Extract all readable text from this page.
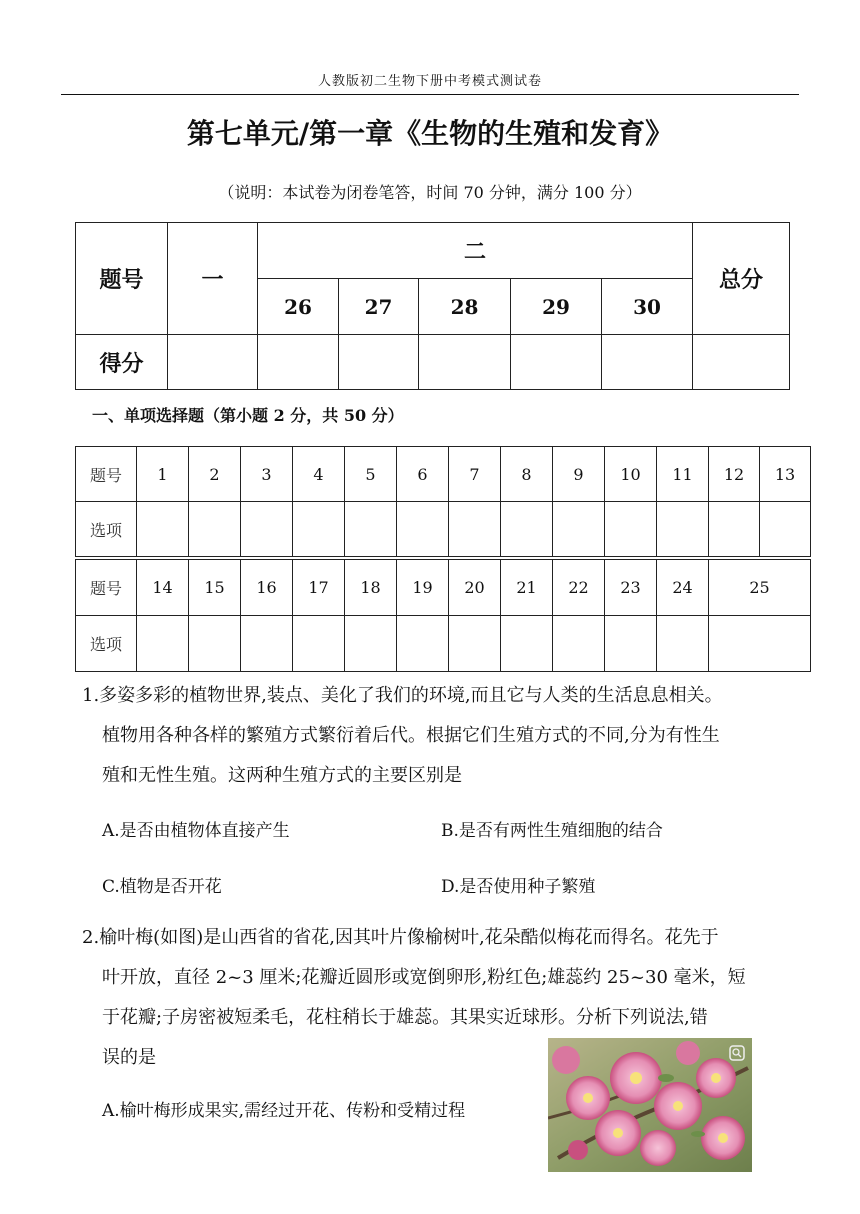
人教版初二生物下册中考模式测试卷
第七单元/第一章《生物的生殖和发育》
（说明：本试卷为闭卷笔答，时间 70 分钟，满分 100 分）
题号	一	二					总分
		26	27	28	29	30	
得分							
一、单项选择题（第小题 2 分，共 50 分）
题号	1	2	3	4	5	6	7	8	9	10	11	12	13
选项													
题号	14	15	16	17	18	19	20	21	22	23	24	25
选项												
1.多姿多彩的植物世界,装点、美化了我们的环境,而且它与人类的生活息息相关。
植物用各种各样的繁殖方式繁衍着后代。根据它们生殖方式的不同,分为有性生
殖和无性生殖。这两种生殖方式的主要区别是
A.是否由植物体直接产生	B.是否有两性生殖细胞的结合
C.植物是否开花	D.是否使用种子繁殖
2.榆叶梅(如图)是山西省的省花,因其叶片像榆树叶,花朵酷似梅花而得名。花先于
叶开放，直径 2~3 厘米;花瓣近圆形或宽倒卵形,粉红色;雄蕊约 25~30 毫米，短
于花瓣;子房密被短柔毛，花柱稍长于雄蕊。其果实近球形。分析下列说法,错
误的是
A.榆叶梅形成果实,需经过开花、传粉和受精过程
